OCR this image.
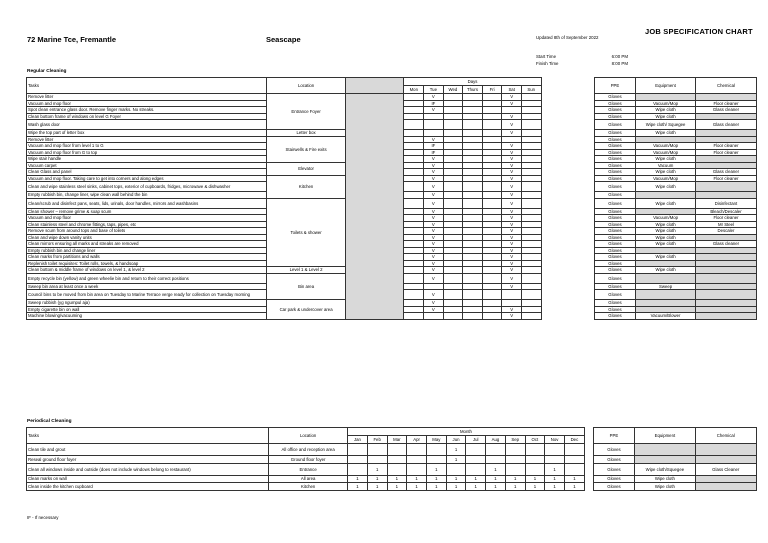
72 Marine Tce, Fremantle	Seascape
JOB SPECIFICATION CHART
Updated 8th of September 2022
Start Time	6:00 PM
Finish Time	8:00 PM
Regular Cleaning
Tasks	Location		Days								PPE	Equipment	Chemical
			Mon	Tue	Wed	Thurs	Fri	Sat	Sun				
Remove litter	Entrance Foyer			V				V			Gloves		
Vacuum and mop floor				IF				V			Gloves	Vacuum/Mop	Floor cleaner
Spot clean entrance glass door. Remove finger marks. No streaks.				V							Gloves	Wipe cloth	Glass cleaner
Clean bottom frame of windows on level G Foyer								V			Gloves	Wipe cloth	
Wash glass door								V			Gloves	Wipe cloth/ Squegee	Glass cleaner
Wipe the top part of letter box	Letter box							V			Gloves	Wipe cloth	
Remove litter	Stairwells & Fire exits			V							Gloves		
Vacuum and mop floor from level 1 to G				IF				V			Gloves	Vacuum/Mop	Floor cleaner
Vacuum and mop floor from G to top				IF				V			Gloves	Vacuum/Mop	Floor cleaner
Wipe stair handle				V				V			Gloves	Wipe cloth	
Vacuum carpet	Elevator			V				V			Gloves	Vacuum	
Clean Glass and panel				V				V			Gloves	Wipe cloth	Glass cleaner
Vacuum and mop floor. Taking care to get into corners and along edges	Kitchen			V				V			Gloves	Vacuum/Mop	Floor cleaner
Clean and wipe stainless steel sinks, cabinet tops, exterior of cupboards, fridges, microwave & dishwasher				V				V			Gloves	Wipe cloth	
Empty rubbish bin, change liner, wipe clean wall behind the bin				V				V			Gloves		
Clean/scrub and disinfect pans, seats, lids, urinals, door handles, mirrors and washbasins	Toilets & shower			V				V			Gloves	Wipe cloth	Disinfectant
Clean shower – remove grime & soap scum				V				V			Gloves		Bleach/Descaler
Vacuum and mop floor				V				V			Gloves	Vacuum/Mop	Floor cleaner
Clean stainless steel and chrome fittings, taps, pipes, etc				V				V			Gloves	Wipe cloth	Mr Steel
Remove scum from around tops and base of toilets				V				V			Gloves	Wipe cloth	Descaler
Clean and wipe down vanity units				V				V			Gloves	Wipe cloth	
Clean mirrors ensuring all marks and streaks are removed				V				V			Gloves	Wipe cloth	Glass cleaner
Empty rubbish bin and change liner				V				V			Gloves		
Clean marks from partitions and walls				V				V			Gloves	Wipe cloth	
Replenish toilet requisites: Toilet rolls, towels, & handsoap				V				V			Gloves		
Clean bottom & middle frame of windows on level 1, & level 2	Level 1 & Level 2			V				V			Gloves	Wipe cloth	
Empty recycle bin (yellow) and green wheelie bin and return to their correct positions	Bin area			V				V			Gloves		
Sweep bin area at least once a week								V			Gloves	Sweep	
Council bins to be moved from bin area on Tuesday to Marine Terrace verge ready for collection on Tuesday morning				V							Gloves		
Sweep rubbish (yg ngumpul aja)	Car park & undercover area			V							Gloves		
Empty cigarette bin on wall				V				V			Gloves		
Machine blowing/vacuuming								V			Gloves	Vacuum/Blower	
Periodical Cleaning
Tasks	Location	Month													PPE	Equipment	Chemical
		Jan	Feb	Mar	Apr	May	Jun	Jul	Aug	Sep	Oct	Nov	Dec				
Clean tile and grout	All office and reception area						1								Gloves		
Reseal ground floor foyer	Ground floor foyer						1								Gloves		
Clean all windows inside and outside (does not include windows belong to restaurant)	Entrance		1			1			1			1			Gloves	Wipe cloth/Squegee	Glass Cleaner
Clean marks on wall	All area	1	1	1	1	1	1	1	1	1	1	1	1		Gloves	Wipe cloth	
Clean inside the kitchen cupboard	Kitchen	1	1	1	1	1	1	1	1	1	1	1	1		Gloves	Wipe cloth	
IF - If necessary
